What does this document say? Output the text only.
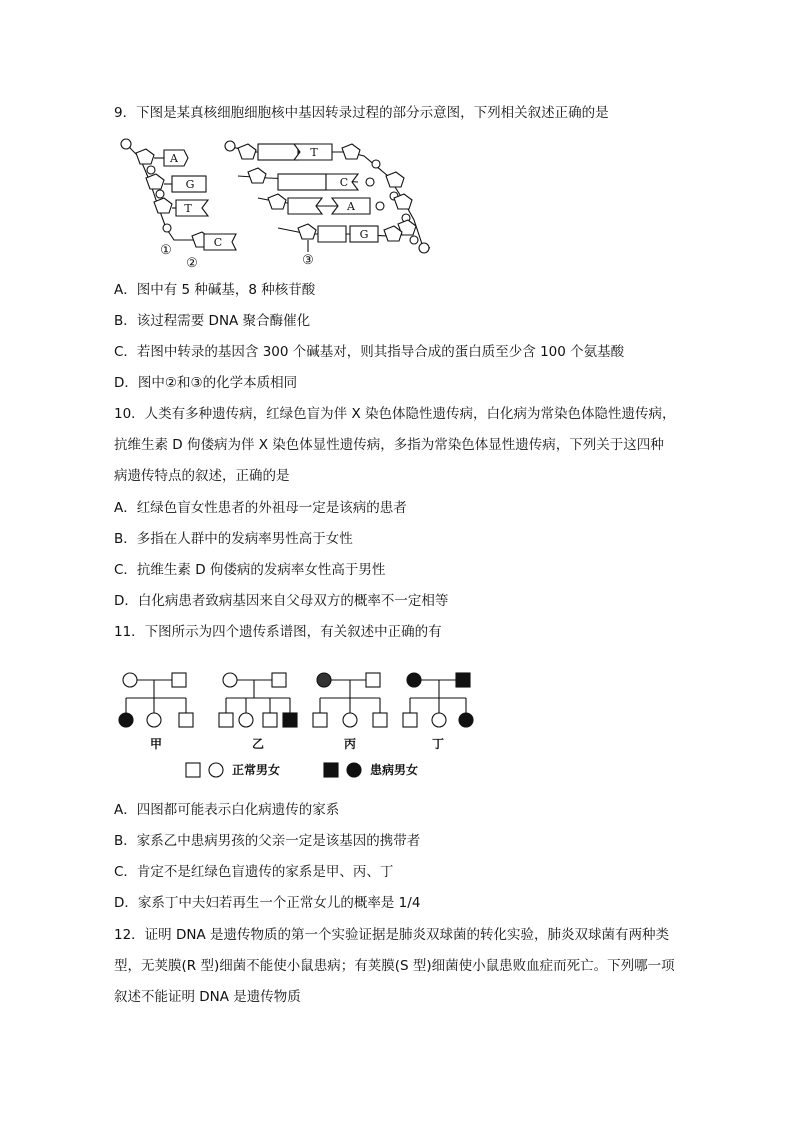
9．下图是某真核细胞细胞核中基因转录过程的部分示意图，下列相关叙述正确的是
A
G
T
C
①
②	③
T
C
A
G
A．图中有 5 种碱基，8 种核苷酸
B．该过程需要 DNA 聚合酶催化
C．若图中转录的基因含 300 个碱基对，则其指导合成的蛋白质至少含 100 个氨基酸
D．图中②和③的化学本质相同
10．人类有多种遗传病，红绿色盲为伴 X 染色体隐性遗传病，白化病为常染色体隐性遗传病，
抗维生素 D 佝偻病为伴 X 染色体显性遗传病，多指为常染色体显性遗传病，下列关于这四种
病遗传特点的叙述，正确的是
A．红绿色盲女性患者的外祖母一定是该病的患者
B．多指在人群中的发病率男性高于女性
C．抗维生素 D 佝偻病的发病率女性高于男性
D．白化病患者致病基因来自父母双方的概率不一定相等
11．下图所示为四个遗传系谱图，有关叙述中正确的有
甲	乙	丙	丁
正常男女	患病男女
A．四图都可能表示白化病遗传的家系
B．家系乙中患病男孩的父亲一定是该基因的携带者
C．肯定不是红绿色盲遗传的家系是甲、丙、丁
D．家系丁中夫妇若再生一个正常女儿的概率是 1/4
12．证明 DNA 是遗传物质的第一个实验证据是肺炎双球菌的转化实验，肺炎双球菌有两种类
型，无荚膜(R 型)细菌不能使小鼠患病；有荚膜(S 型)细菌使小鼠患败血症而死亡。下列哪一项
叙述不能证明 DNA 是遗传物质
